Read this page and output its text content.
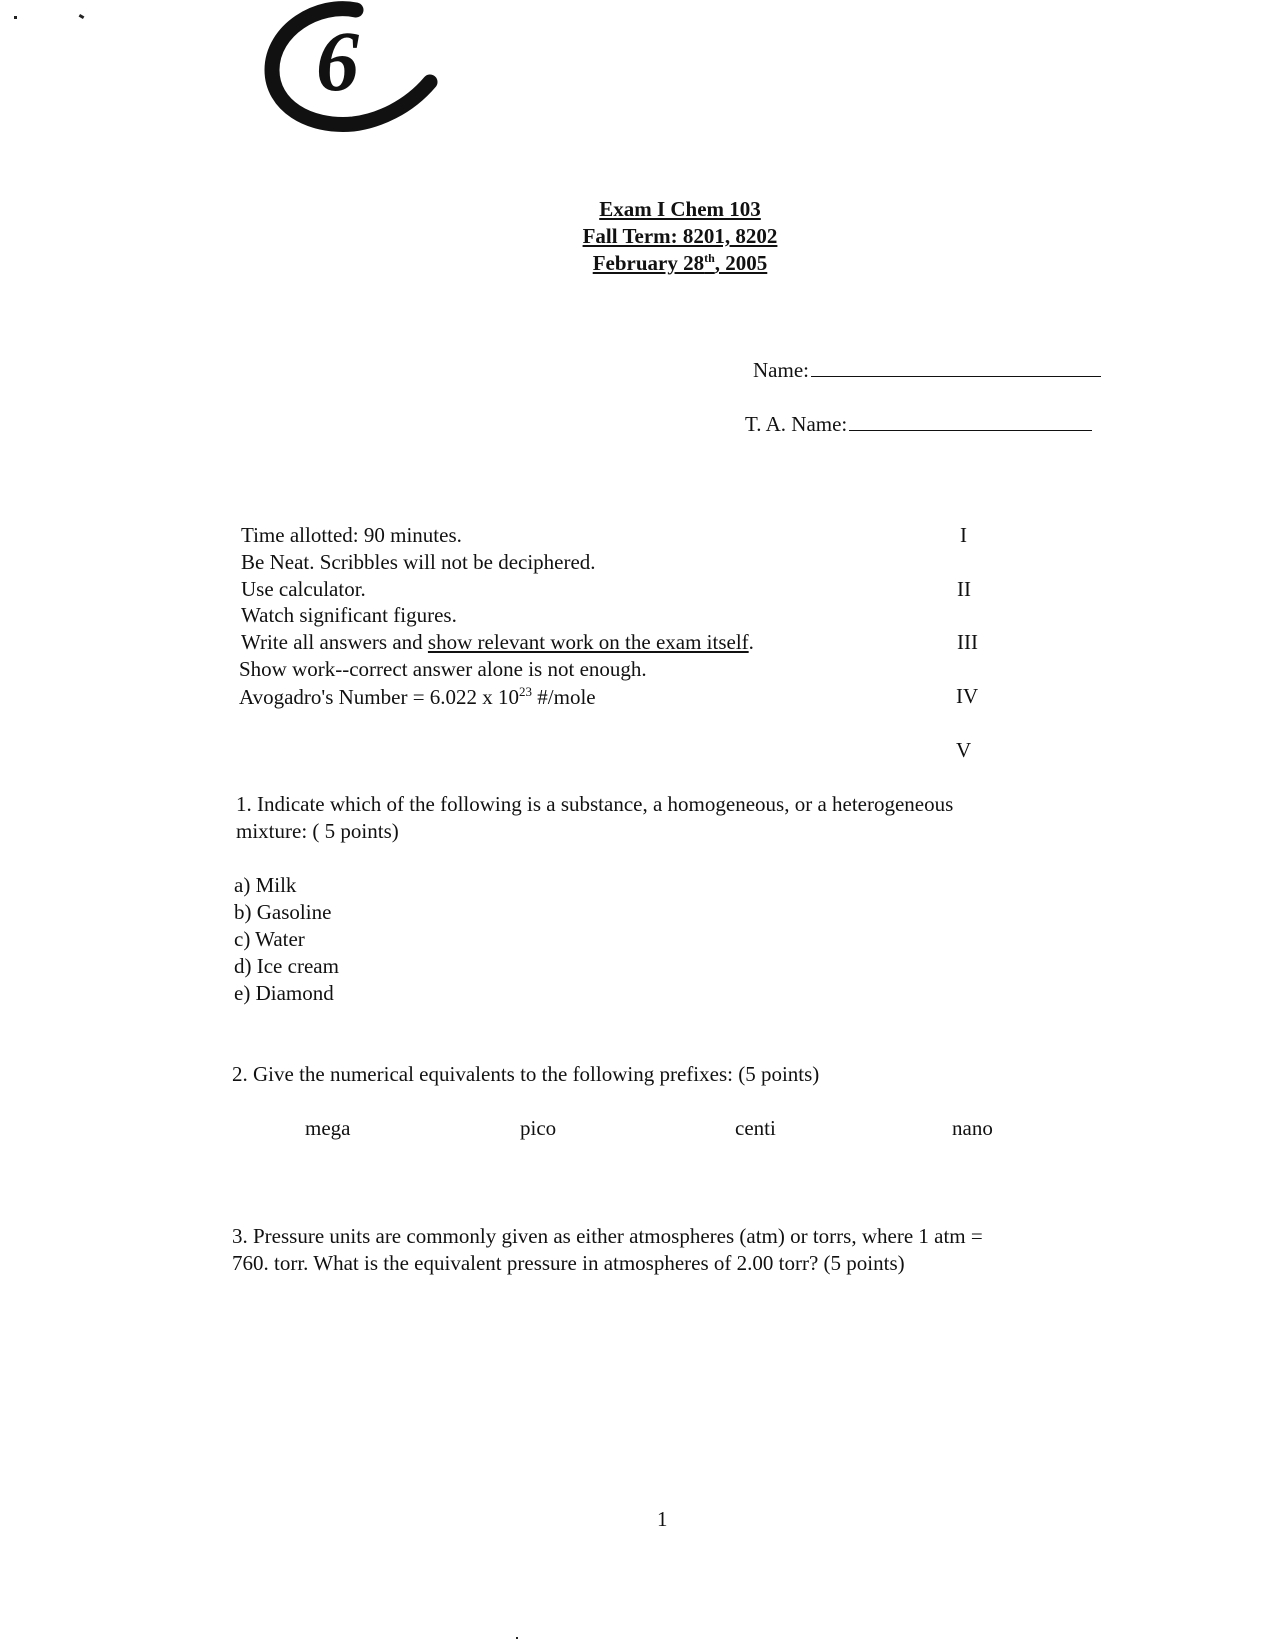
6
Exam I Chem 103
Fall Term: 8201, 8202
February 28th, 2005
Name:
T. A. Name:
Time allotted: 90 minutes.
Be Neat. Scribbles will not be deciphered.
Use calculator.
Watch significant figures.
Write all answers and show relevant work on the exam itself.
Show work--correct answer alone is not enough.
Avogadro's Number = 6.022 x $10^{23}$ #/mole
I
II
III
IV
V
1. Indicate which of the following is a substance, a homogeneous, or a heterogeneous
mixture: ( 5 points)
a) Milk
b) Gasoline
c) Water
d) Ice cream
e) Diamond
2. Give the numerical equivalents to the following prefixes: (5 points)
mega	pico	centi	nano
3. Pressure units are commonly given as either atmospheres (atm) or torrs, where 1 atm =
760. torr. What is the equivalent pressure in atmospheres of 2.00 torr? (5 points)
1
